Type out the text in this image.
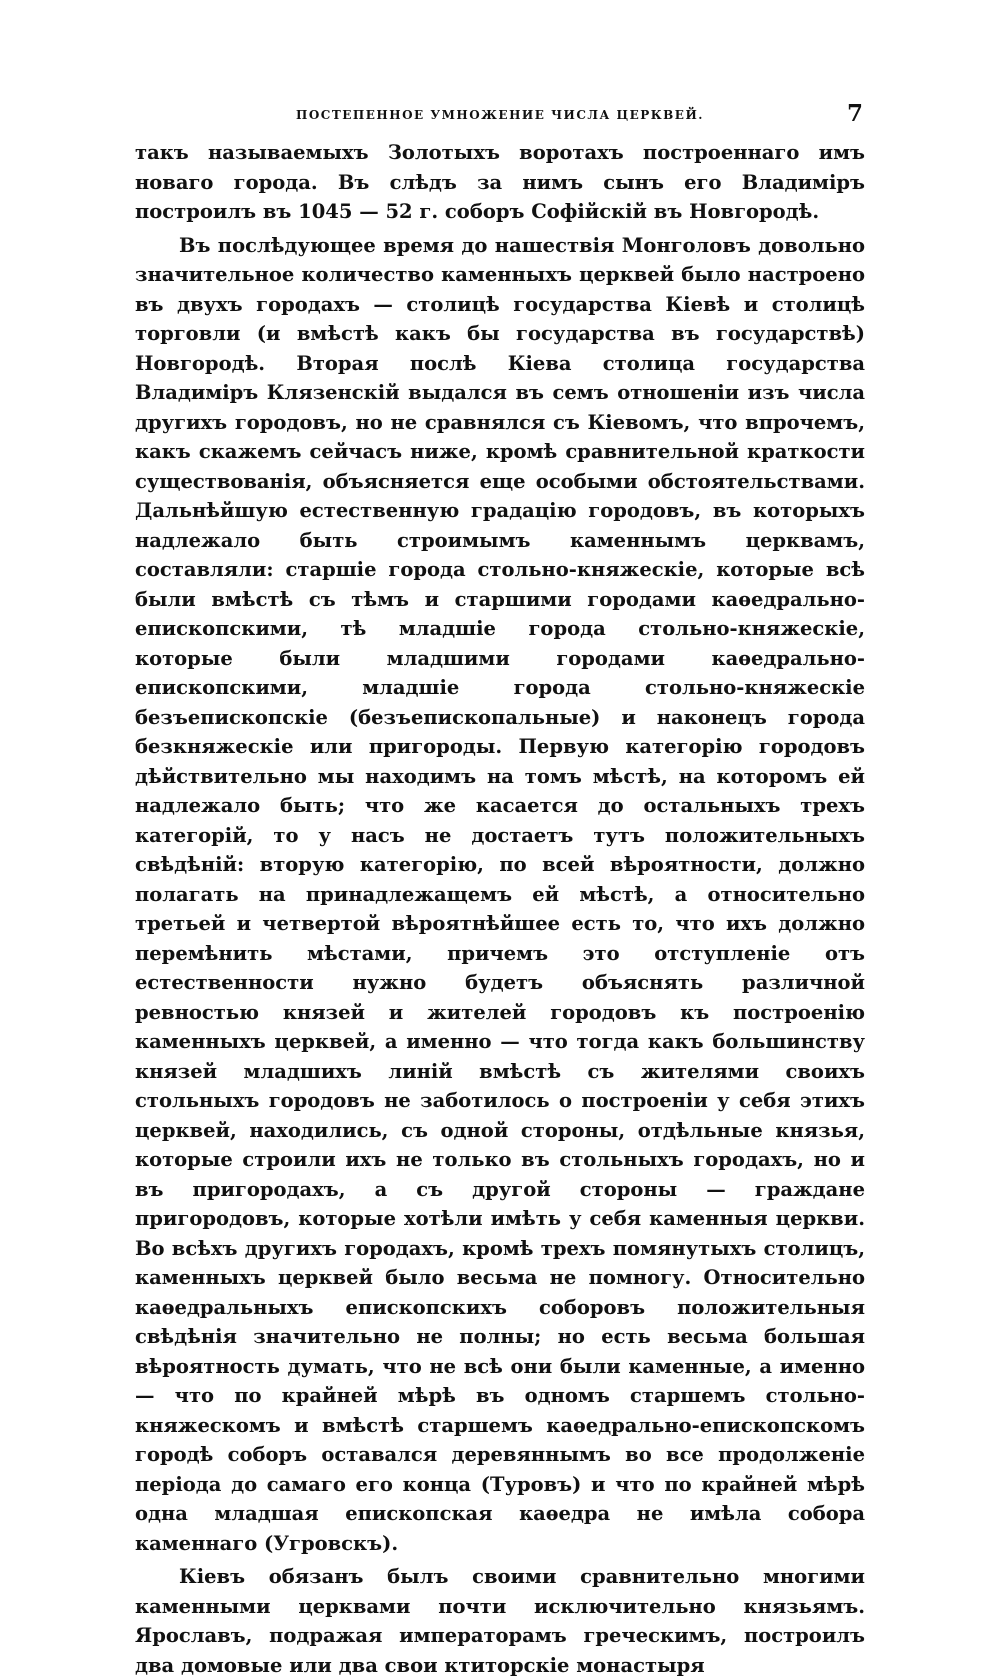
ПОСТЕПЕННОЕ УМНОЖЕНИЕ ЧИСЛА ЦЕРКВЕЙ.	7

такъ называемыхъ Золотыхъ воротахъ построеннаго имъ новаго города. Въ слѣдъ за нимъ сынъ его Владиміръ построилъ въ 1045 — 52 г. соборъ Софійскій въ Новгородѣ.

Въ послѣдующее время до нашествія Монголовъ довольно значительное количество каменныхъ церквей было настроено въ двухъ городахъ — столицѣ государства Кіевѣ и столицѣ торговли (и вмѣстѣ какъ бы государства въ государствѣ) Новгородѣ. Вторая послѣ Кіева столица государства Владиміръ Клязенскій выдался въ семъ отношеніи изъ числа другихъ городовъ, но не сравнялся съ Кіевомъ, что впрочемъ, какъ скажемъ сейчасъ ниже, кромѣ сравнительной краткости существованія, объясняется еще особыми обстоятельствами. Дальнѣйшую естественную градацію городовъ, въ которыхъ надлежало быть строимымъ каменнымъ церквамъ, составляли: старшіе города стольно-княжескіе, которые всѣ были вмѣстѣ съ тѣмъ и старшими городами каѳедрально-епископскими, тѣ младшіе города стольно-княжескіе, которые были младшими городами каѳедрально-епископскими, младшіе города стольно-княжескіе безъепископскіе (безъепископальные) и наконецъ города безкняжескіе или пригороды. Первую категорію городовъ дѣйствительно мы находимъ на томъ мѣстѣ, на которомъ ей надлежало быть; что же касается до остальныхъ трехъ категорій, то у насъ не достаетъ тутъ положительныхъ свѣдѣній: вторую категорію, по всей вѣроятности, должно полагать на принадлежащемъ ей мѣстѣ, а относительно третьей и четвертой вѣроятнѣйшее есть то, что ихъ должно перемѣнить мѣстами, причемъ это отступленіе отъ естественности нужно будетъ объяснять различной ревностью князей и жителей городовъ къ построенію каменныхъ церквей, а именно — что тогда какъ большинству князей младшихъ линій вмѣстѣ съ жителями своихъ стольныхъ городовъ не заботилось о построеніи у себя этихъ церквей, находились, съ одной стороны, отдѣльные князья, которые строили ихъ не только въ стольныхъ городахъ, но и въ пригородахъ, а съ другой стороны — граждане пригородовъ, которые хотѣли имѣть у себя каменныя церкви. Во всѣхъ другихъ городахъ, кромѣ трехъ помянутыхъ столицъ, каменныхъ церквей было весьма не помногу. Относительно каѳедральныхъ епископскихъ соборовъ положительныя свѣдѣнія значительно не полны; но есть весьма большая вѣроятность думать, что не всѣ они были каменные, а именно — что по крайней мѣрѣ въ одномъ старшемъ стольно-княжескомъ и вмѣстѣ старшемъ каѳедрально-епископскомъ городѣ соборъ оставался деревяннымъ во все продолженіе періода до самаго его конца (Туровъ) и что по крайней мѣрѣ одна младшая епископская каѳедра не имѣла собора каменнаго (Угровскъ).

Кіевъ обязанъ былъ своими сравнительно многими каменными церквами почти исключительно князьямъ. Ярославъ, подражая императорамъ греческимъ, построилъ два домовые или два свои ктиторскіе монастыря
